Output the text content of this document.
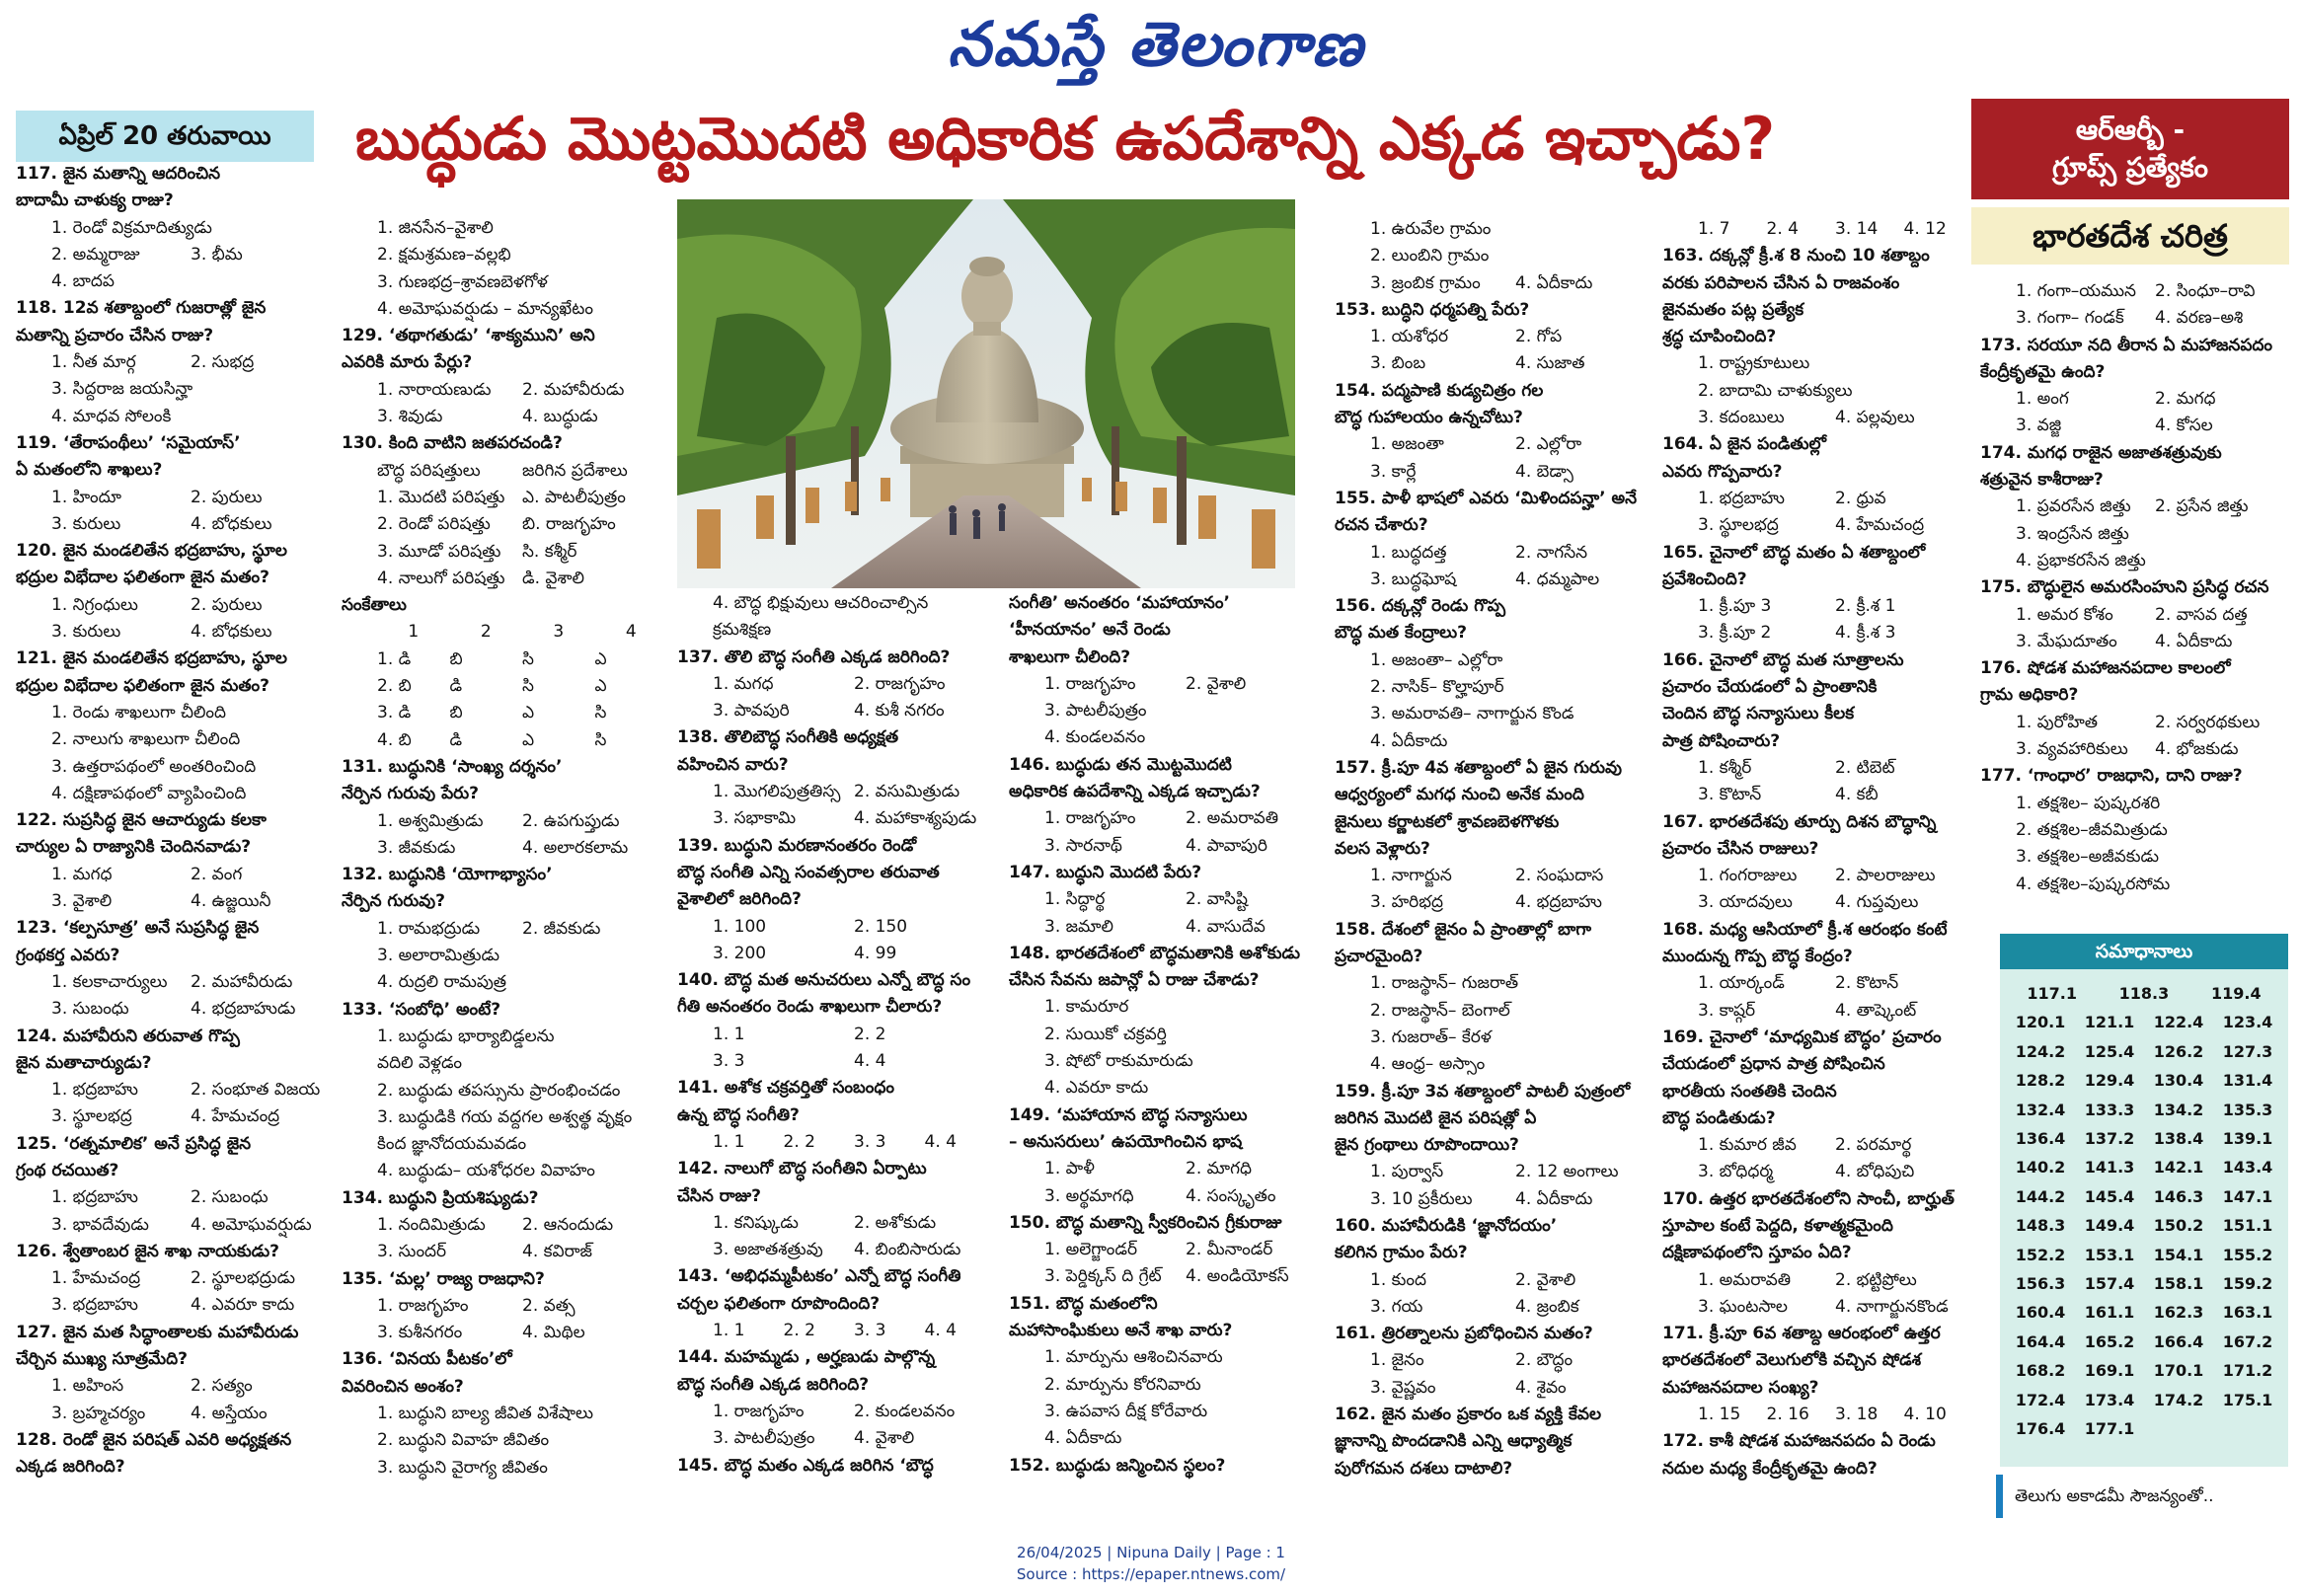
నమస్తే తెలంగాణ
ఏప్రిల్ 20 తరువాయి	బుద్ధుడు మొట్టమొదటి అధికారిక ఉపదేశాన్ని ఎక్కడ ఇచ్చాడు?	ఆర్ఆర్బీ -
గ్రూప్స్ ప్రత్యేకం
భారతదేశ చరిత్ర
117. జైన మతాన్ని ఆదరించిన
బాదామీ చాళుక్య రాజు?
1. రెండో విక్రమాదిత్యుడు
2. అమ్మరాజు	3. భీమ
4. బాదప
118. 12వ శతాబ్దంలో గుజరాత్లో జైన
మతాన్ని ప్రచారం చేసిన రాజు?
1. నీత మార్గ	2. సుభద్ర
3. సిద్దరాజ జయసిన్హా
4. మాధవ సోలంకి
119. ‘తేరాపంథీలు’ ‘సమైయాస్’
ఏ మతంలోని శాఖలు?
1. హిందూ	2. పురులు
3. కురులు	4. బోధకులు
120. జైన మండలితేన భద్రబాహు, స్థూల
భద్రుల విభేదాల ఫలితంగా జైన మతం?
1. నిగ్రంధులు	2. పురులు
3. కురులు	4. బోధకులు
121. జైన మండలితేన భద్రబాహు, స్థూల
భద్రుల విభేదాల ఫలితంగా జైన మతం?
1. రెండు శాఖలుగా చీలింది
2. నాలుగు శాఖలుగా చీలింది
3. ఉత్తరాపథంలో అంతరించింది
4. దక్షిణాపథంలో వ్యాపించింది
122. సుప్రసిద్ధ జైన ఆచార్యుడు కలకా
చార్యుల ఏ రాజ్యానికి చెందినవాడు?
1. మగధ	2. వంగ
3. వైశాలి	4. ఉజ్జయినీ
123. ‘కల్పసూత్ర’ అనే సుప్రసిద్ధ జైన
గ్రంథకర్త ఎవరు?
1. కలకాచార్యులు	2. మహావీరుడు
3. సుబంధు	4. భద్రబాహుడు
124. మహావీరుని తరువాత గొప్ప
జైన మతాచార్యుడు?
1. భద్రబాహు	2. సంభూత విజయ
3. స్థూలభద్ర	4. హేమచంద్ర
125. ‘రత్నమాలిక’ అనే ప్రసిద్ధ జైన
గ్రంథ రచయిత?
1. భద్రబాహు	2. సుబంధు
3. భావదేవుడు	4. అమోఘవర్షుడు
126. శ్వేతాంబర జైన శాఖ నాయకుడు?
1. హేమచంద్ర	2. స్థూలభద్రుడు
3. భద్రబాహు	4. ఎవరూ కాదు
127. జైన మత సిద్ధాంతాలకు మహావీరుడు
చేర్చిన ముఖ్య సూత్రమేది?
1. అహింస	2. సత్యం
3. బ్రహ్మచర్యం	4. అస్తేయం
128. రెండో జైన పరిషత్ ఎవరి అధ్యక్షతన
ఎక్కడ జరిగింది?
1. జినసేన–వైశాలి
2. క్షమశ్రమణ–వల్లభి
3. గుణభద్ర–శ్రావణబెళగోళ
4. అమోఘవర్షుడు – మాన్యఖేటం
129. ‘తథాగతుడు’ ‘శాక్యముని’ అని
ఎవరికి మారు పేర్లు?
1. నారాయణుడు	2. మహావీరుడు
3. శివుడు	4. బుద్ధుడు
130. కింది వాటిని జతపరచండి?
బౌద్ధ పరిషత్తులు	జరిగిన ప్రదేశాలు
1. మొదటి పరిషత్తు	ఎ. పాటలీపుత్రం
2. రెండో పరిషత్తు	బి. రాజగృహం
3. మూడో పరిషత్తు	సి. కశ్మీర్
4. నాలుగో పరిషత్తు	డి. వైశాలి
సంకేతాలు
1	2	3	4
1. డి	బి	సి	ఎ
2. బి	డి	సి	ఎ
3. డి	బి	ఎ	సి
4. బి	డి	ఎ	సి
131. బుద్ధునికి ‘సాంఖ్య దర్శనం’
నేర్పిన గురువు పేరు?
1. అశ్వమిత్రుడు	2. ఉపగుప్తుడు
3. జీవకుడు	4. అలారకలామ
132. బుద్ధునికి ‘యోగాభ్యాసం’
నేర్పిన గురువు?
1. రామభద్రుడు	2. జీవకుడు
3. అలారామిత్రుడు
4. రుద్రలి రామపుత్ర
133. ‘సంబోధి’ అంటే?
1. బుద్ధుడు భార్యాబిడ్డలను
వదిలి వెళ్లడం
2. బుద్ధుడు తపస్సును ప్రారంభించడం
3. బుద్ధుడికి గయ వద్దగల అశ్వత్థ వృక్షం
కింద జ్ఞానోదయమవడం
4. బుద్ధుడు– యశోధరల వివాహం
134. బుద్ధుని ప్రియశిష్యుడు?
1. నందిమిత్రుడు	2. ఆనందుడు
3. సుందర్	4. కవిరాజ్
135. ‘మల్ల’ రాజ్య రాజధాని?
1. రాజగృహం	2. వత్స
3. కుశీనగరం	4. మిథిల
136. ‘వినయ పీటకం’లో
వివరించిన అంశం?
1. బుద్ధుని బాల్య జీవిత విశేషాలు
2. బుద్ధుని వివాహ జీవితం
3. బుద్ధుని వైరాగ్య జీవితం
4. బౌద్ధ భిక్షువులు ఆచరించాల్సిన
క్రమశిక్షణ
137. తొలి బౌద్ధ సంగీతి ఎక్కడ జరిగింది?
1. మగధ	2. రాజగృహం
3. పావపురి	4. కుశీ నగరం
138. తొలిబౌద్ధ సంగీతికి అధ్యక్షత
వహించిన వారు?
1. మొగలిపుత్రతిస్స 2. వసుమిత్రుడు
3. సభాకామి	4. మహాకాశ్యపుడు
139. బుద్ధుని మరణానంతరం రెండో
బౌద్ధ సంగీతి ఎన్ని సంవత్సరాల తరువాత
వైశాలిలో జరిగింది?
1. 100	2. 150
3. 200	4. 99
140. బౌద్ధ మత అనుచరులు ఎన్నో బౌద్ధ సం
గీతి అనంతరం రెండు శాఖలుగా చీలారు?
1. 1	2. 2
3. 3	4. 4
141. అశోక చక్రవర్తితో సంబంధం
ఉన్న బౌద్ధ సంగీతి?
1. 1	2. 2	3. 3	4. 4
142. నాలుగో బౌద్ధ సంగీతిని ఏర్పాటు
చేసిన రాజు?
1. కనిష్కుడు	2. అశోకుడు
3. అజాతశత్రువు	4. బింబిసారుడు
143. ‘అభిధమ్మపీటకం’ ఎన్నో బౌద్ధ సంగీతి
చర్చల ఫలితంగా రూపొందింది?
1. 1	2. 2	3. 3	4. 4
144. మహమ్మడు , అర్హణుడు పాల్గొన్న
బౌద్ధ సంగీతి ఎక్కడ జరిగింది?
1. రాజగృహం	2. కుండలవనం
3. పాటలీపుత్రం	4. వైశాలి
145. బౌద్ధ మతం ఎక్కడ జరిగిన ‘బౌద్ధ
సంగీతి’ అనంతరం ‘మహాయానం’
‘హీనయానం’ అనే రెండు
శాఖలుగా చీలింది?
1. రాజగృహం	2. వైశాలి
3. పాటలీపుత్రం
4. కుండలవనం
146. బుద్ధుడు తన మొట్టమొదటి
అధికారిక ఉపదేశాన్ని ఎక్కడ ఇచ్చాడు?
1. రాజగృహం	2. అమరావతి
3. సారనాథ్	4. పావాపురి
147. బుద్ధుని మొదటి పేరు?
1. సిద్ధార్థ	2. వాసిష్టి
3. జమాలి	4. వాసుదేవ
148. భారతదేశంలో బౌద్ధమతానికి అశోకుడు
చేసిన సేవను జపాన్లో ఏ రాజు చేశాడు?
1. కామరూర
2. సుయికో చక్రవర్తి
3. షోటో రాకుమారుడు
4. ఎవరూ కాదు
149. ‘మహాయాన బౌద్ధ సన్యాసులు
– అనుసరులు’ ఉపయోగించిన భాష
1. పాళీ	2. మాగధి
3. అర్థమాగధి	4. సంస్కృతం
150. బౌద్ధ మతాన్ని స్వీకరించిన గ్రీకురాజు
1. అలెగ్జాండర్	2. మీనాండర్
3. పెర్డిక్కస్ ది గ్రేట్	4. అండియోకస్
151. బౌద్ధ మతంలోని
మహాసాంఘికులు అనే శాఖ వారు?
1. మార్పును ఆశించినవారు
2. మార్పును కోరనివారు
3. ఉపవాస దీక్ష కోరేవారు
4. ఏదీకాదు
152. బుద్ధుడు జన్మించిన స్థలం?
1. ఉరువేల గ్రామం
2. లుంబిని గ్రామం
3. జ్రంబిక గ్రామం	4. ఏదీకాదు
153. బుద్ధిని ధర్మపత్ని పేరు?
1. యశోధర	2. గోప
3. బింబ	4. సుజాత
154. పద్మపాణి కుడ్యచిత్రం గల
బౌద్ధ గుహాలయం ఉన్నచోటు?
1. అజంతా	2. ఎల్లోరా
3. కార్లే	4. బెడ్సా
155. పాళీ భాషలో ఎవరు ‘మిళిందపన్హా’ అనే
రచన చేశారు?
1. బుద్ధదత్త	2. నాగసేన
3. బుద్ధఘోష	4. ధమ్మపాల
156. దక్కన్లో రెండు గొప్ప
బౌద్ధ మత కేంద్రాలు?
1. అజంతా– ఎల్లోరా
2. నాసిక్– కొల్హాపూర్
3. అమరావతి– నాగార్జున కొండ
4. ఏదీకాదు
157. క్రీ.పూ 4వ శతాబ్దంలో ఏ జైన గురువు
ఆధ్వర్యంలో మగధ నుంచి అనేక మంది
జైనులు కర్ణాటకలో శ్రావణబెళగొళకు
వలస వెళ్లారు?
1. నాగార్జున	2. సంఘదాస
3. హరిభద్ర	4. భద్రబాహు
158. దేశంలో జైనం ఏ ప్రాంతాల్లో బాగా
ప్రచారమైంది?
1. రాజస్థాన్– గుజరాత్
2. రాజస్థాన్– బెంగాల్
3. గుజరాత్– కేరళ
4. ఆంధ్ర– అస్సాం
159. క్రీ.పూ 3వ శతాబ్దంలో పాటలీ పుత్రంలో
జరిగిన మొదటి జైన పరిషత్లో ఏ
జైన గ్రంథాలు రూపొందాయి?
1. పుర్వాస్	2. 12 అంగాలు
3. 10 ప్రకీరులు	4. ఏదీకాదు
160. మహావీరుడికి ‘జ్ఞానోదయం’
కలిగిన గ్రామం పేరు?
1. కుంద	2. వైశాలి
3. గయ	4. జ్రంబిక
161. త్రిరత్నాలను ప్రబోధించిన మతం?
1. జైనం	2. బౌద్ధం
3. వైష్ణవం	4. శైవం
162. జైన మతం ప్రకారం ఒక వ్యక్తి కేవల
జ్ఞానాన్ని పొందడానికి ఎన్ని ఆధ్యాత్మిక
పురోగమన దశలు దాటాలి?
1. 7	2. 4	3. 14	4. 12
163. దక్కన్లో క్రీ.శ 8 నుంచి 10 శతాబ్దం
వరకు పరిపాలన చేసిన ఏ రాజవంశం
జైనమతం పట్ల ప్రత్యేక
శ్రద్ధ చూపించింది?
1. రాష్ట్రకూటులు
2. బాదామి చాళుక్యులు
3. కదంబులు	4. పల్లవులు
164. ఏ జైన పండితుల్లో
ఎవరు గొప్పవారు?
1. భద్రబాహు	2. ధ్రువ
3. స్థూలభద్ర	4. హేమచంద్ర
165. చైనాలో బౌద్ధ మతం ఏ శతాబ్దంలో
ప్రవేశించింది?
1. క్రీ.పూ 3	2. క్రీ.శ 1
3. క్రీ.పూ 2	4. క్రీ.శ 3
166. చైనాలో బౌద్ధ మత సూత్రాలను
ప్రచారం చేయడంలో ఏ ప్రాంతానికి
చెందిన బౌద్ధ సన్యాసులు కీలక
పాత్ర పోషించారు?
1. కశ్మీర్	2. టిబెట్
3. కొటాన్	4. కబీ
167. భారతదేశపు తూర్పు దిశన బౌద్ధాన్ని
ప్రచారం చేసిన రాజులు?
1. గంగరాజులు	2. పాలరాజులు
3. యాదవులు	4. గుప్తవులు
168. మధ్య ఆసియాలో క్రీ.శ ఆరంభం కంటే
ముందున్న గొప్ప బౌద్ధ కేంద్రం?
1. యార్కండ్	2. కొటాన్
3. కాష్గర్	4. తాష్కెంట్
169. చైనాలో ‘మాధ్యమిక బౌద్ధం’ ప్రచారం
చేయడంలో ప్రధాన పాత్ర పోషించిన
భారతీయ సంతతికి చెందిన
బౌద్ధ పండితుడు?
1. కుమార జీవ	2. పరమార్థ
3. బోధిధర్మ	4. బోధిపుచి
170. ఉత్తర భారతదేశంలోని సాంచీ, బార్హుత్
స్తూపాల కంటే పెద్దది, కళాత్మకమైంది
దక్షిణాపథంలోని స్తూపం ఏది?
1. అమరావతి	2. భట్టిప్రోలు
3. ఘంటసాల	4. నాగార్జునకొండ
171. క్రీ.పూ 6వ శతాబ్ద ఆరంభంలో ఉత్తర
భారతదేశంలో వెలుగులోకి వచ్చిన షోడశ
మహాజనపదాల సంఖ్య?
1. 15	2. 16	3. 18	4. 10
172. కాశీ షోడశ మహాజనపదం ఏ రెండు
నదుల మధ్య కేంద్రీకృతమై ఉంది?
1. గంగా–యమున	2. సింధూ–రావి
3. గంగా– గండక్	4. వరణ–అశి
173. సరయూ నది తీరాన ఏ మహాజనపదం
కేంద్రీకృతమై ఉంది?
1. అంగ	2. మగధ
3. వజ్జి	4. కోసల
174. మగధ రాజైన అజాతశత్రువుకు
శత్రువైన కాశీరాజు?
1. ప్రవరసేన జిత్తు	2. ప్రసేన జిత్తు
3. ఇంద్రసేన జిత్తు
4. ప్రభాకరసేన జిత్తు
175. బౌద్ధులైన అమరసింహుని ప్రసిద్ధ రచన
1. అమర కోశం	2. వాసవ దత్త
3. మేఘదూతం	4. ఏదీకాదు
176. షోడశ మహాజనపదాల కాలంలో
గ్రామ అధికారి?
1. పురోహిత	2. సర్వరథకులు
3. వ్యవహారికులు	4. భోజకుడు
177. ‘గాంధార’ రాజధాని, దాని రాజు?
1. తక్షశిల– పుష్కరశరి
2. తక్షశిల–జీవమిత్రుడు
3. తక్షశిల–అజీవకుడు
4. తక్షశిల–పుష్కరసోమ
సమాధానాలు
117.1	118.3	119.4
120.1	121.1	122.4	123.4
124.2	125.4	126.2	127.3
128.2	129.4	130.4	131.4
132.4	133.3	134.2	135.3
136.4	137.2	138.4	139.1
140.2	141.3	142.1	143.4
144.2	145.4	146.3	147.1
148.3	149.4	150.2	151.1
152.2	153.1	154.1	155.2
156.3	157.4	158.1	159.2
160.4	161.1	162.3	163.1
164.4	165.2	166.4	167.2
168.2	169.1	170.1	171.2
172.4	173.4	174.2	175.1
176.4	177.1
తెలుగు అకాడమీ సౌజన్యంతో..
26/04/2025 | Nipuna Daily | Page : 1
Source : https://epaper.ntnews.com/
